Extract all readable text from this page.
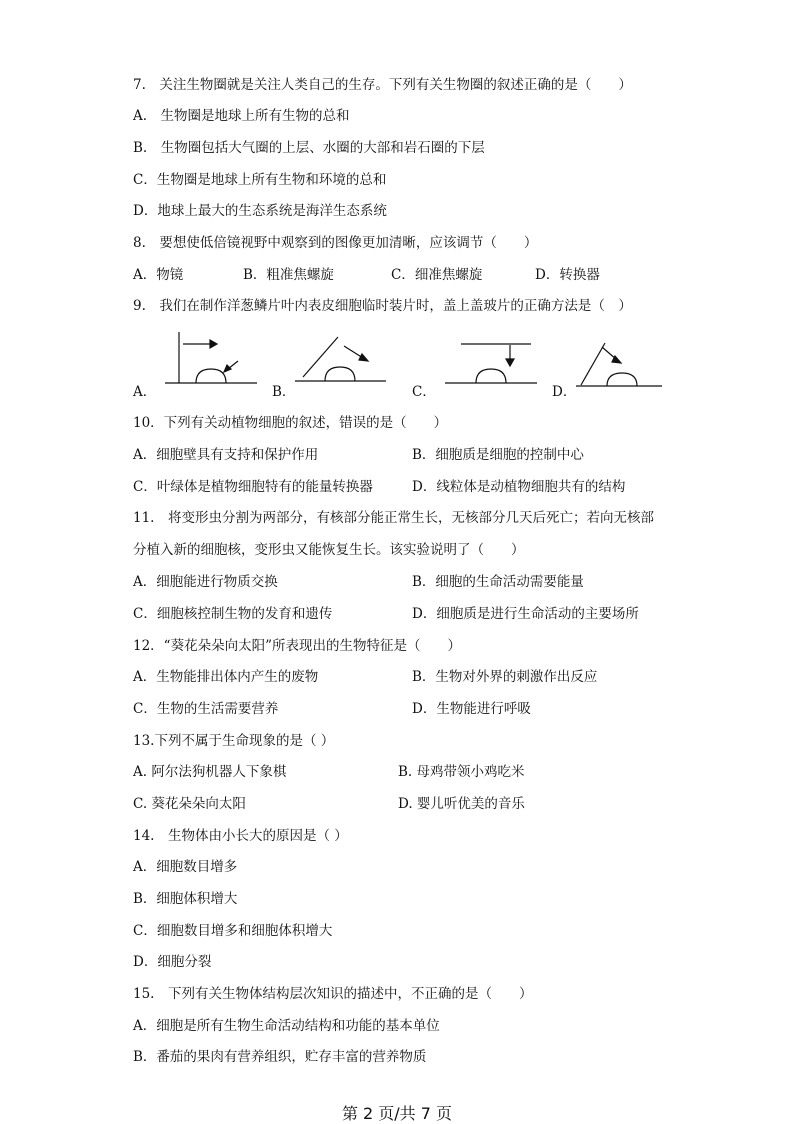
7.　关注生物圈就是关注人类自己的生存。下列有关生物圈的叙述正确的是（　　）
A.　生物圈是地球上所有生物的总和
B.　生物圈包括大气圈的上层、水圈的大部和岩石圈的下层
C．生物圈是地球上所有生物和环境的总和
D．地球上最大的生态系统是海洋生态系统
8.　要想使低倍镜视野中观察到的图像更加清晰，应该调节（　　）
A．物镜	B．粗准焦螺旋	C．细准焦螺旋	D．转换器
9.　我们在制作洋葱鳞片叶内表皮细胞临时装片时，盖上盖玻片的正确方法是（　）
A．	B．	C．	D．
10．下列有关动植物细胞的叙述，错误的是（　　）
A．细胞壁具有支持和保护作用	B．细胞质是细胞的控制中心
C．叶绿体是植物细胞特有的能量转换器	D．线粒体是动植物细胞共有的结构
11.　将变形虫分割为两部分，有核部分能正常生长，无核部分几天后死亡；若向无核部
分植入新的细胞核，变形虫又能恢复生长。该实验说明了（　　）
A．细胞能进行物质交换	B．细胞的生命活动需要能量
C．细胞核控制生物的发育和遗传	D．细胞质是进行生命活动的主要场所
12．“葵花朵朵向太阳”所表现出的生物特征是（　　）
A．生物能排出体内产生的废物	B．生物对外界的刺激作出反应
C．生物的生活需要营养	D．生物能进行呼吸
13.下列不属于生命现象的是（ ）
A. 阿尔法狗机器人下象棋	B. 母鸡带领小鸡吃米
C. 葵花朵朵向太阳	D. 婴儿听优美的音乐
14.　生物体由小长大的原因是（ ）
A．细胞数目增多
B．细胞体积增大
C．细胞数目增多和细胞体积增大
D．细胞分裂
15.　下列有关生物体结构层次知识的描述中，不正确的是（　　）
A．细胞是所有生物生命活动结构和功能的基本单位
B．番茄的果肉有营养组织，贮存丰富的营养物质
第 2 页/共 7 页
